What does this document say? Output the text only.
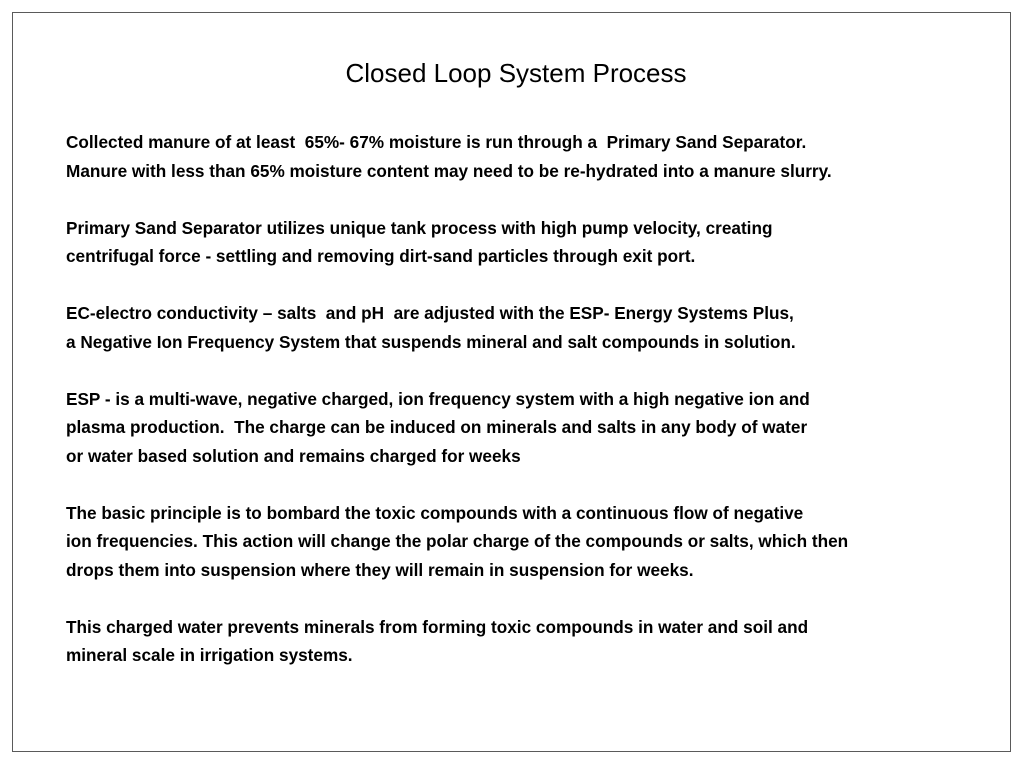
Closed Loop System Process

Collected manure of at least  65%- 67% moisture is run through a  Primary Sand Separator.
Manure with less than 65% moisture content may need to be re-hydrated into a manure slurry.

Primary Sand Separator utilizes unique tank process with high pump velocity, creating
centrifugal force - settling and removing dirt-sand particles through exit port.

EC-electro conductivity – salts  and pH  are adjusted with the ESP- Energy Systems Plus,
a Negative Ion Frequency System that suspends mineral and salt compounds in solution.

ESP - is a multi-wave, negative charged, ion frequency system with a high negative ion and
plasma production.  The charge can be induced on minerals and salts in any body of water
or water based solution and remains charged for weeks

The basic principle is to bombard the toxic compounds with a continuous flow of negative
ion frequencies. This action will change the polar charge of the compounds or salts, which then
drops them into suspension where they will remain in suspension for weeks.

This charged water prevents minerals from forming toxic compounds in water and soil and
mineral scale in irrigation systems.
